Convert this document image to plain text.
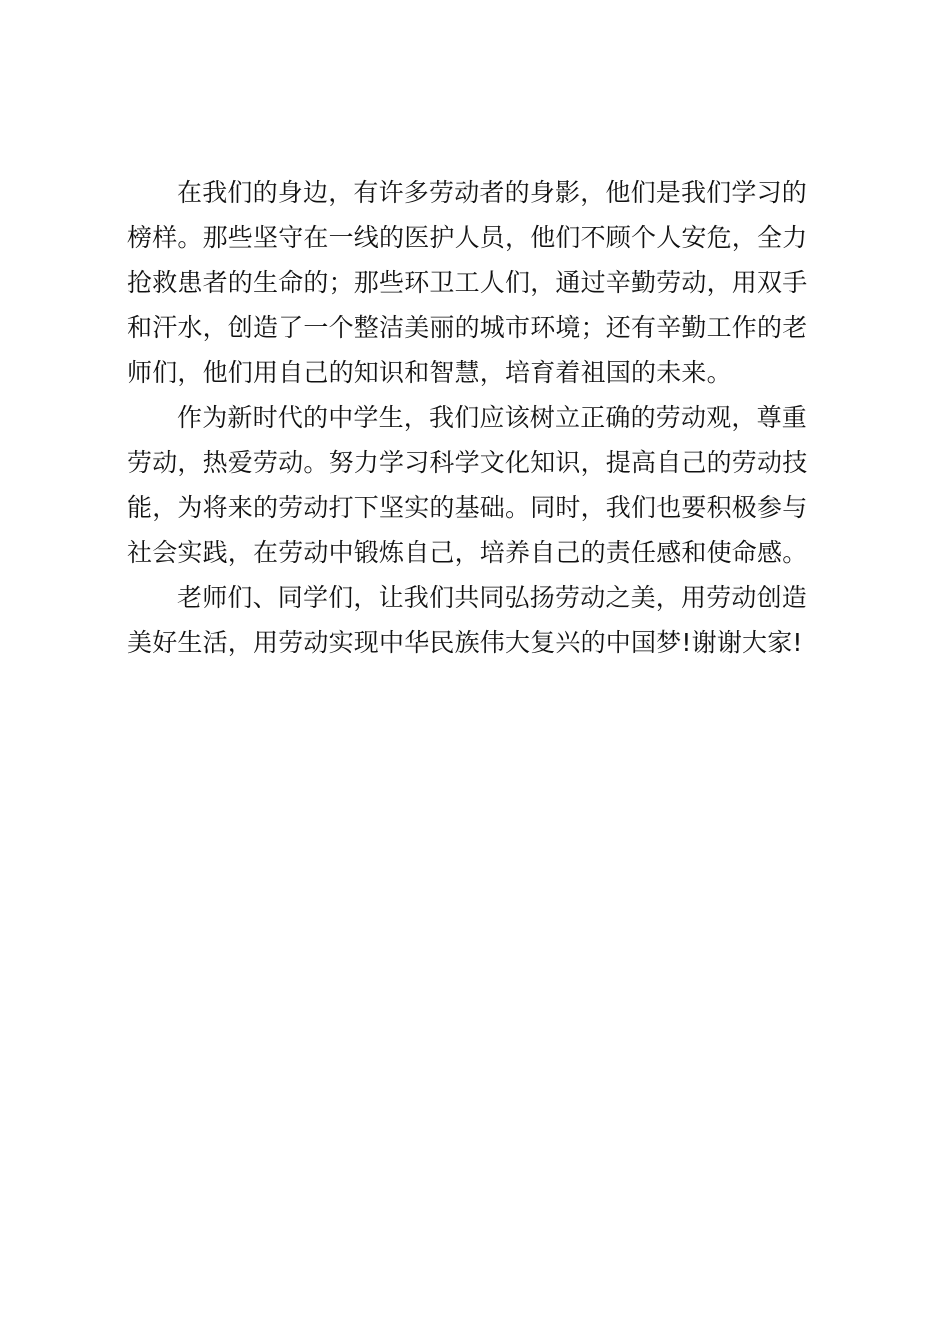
在我们的身边，有许多劳动者的身影，他们是我们学习的
榜样。那些坚守在一线的医护人员，他们不顾个人安危，全力
抢救患者的生命的；那些环卫工人们，通过辛勤劳动，用双手
和汗水，创造了一个整洁美丽的城市环境；还有辛勤工作的老
师们，他们用自己的知识和智慧，培育着祖国的未来。
作为新时代的中学生，我们应该树立正确的劳动观，尊重
劳动，热爱劳动。努力学习科学文化知识，提高自己的劳动技
能，为将来的劳动打下坚实的基础。同时，我们也要积极参与
社会实践，在劳动中锻炼自己，培养自己的责任感和使命感。
老师们、同学们，让我们共同弘扬劳动之美，用劳动创造
美好生活，用劳动实现中华民族伟大复兴的中国梦!谢谢大家!
